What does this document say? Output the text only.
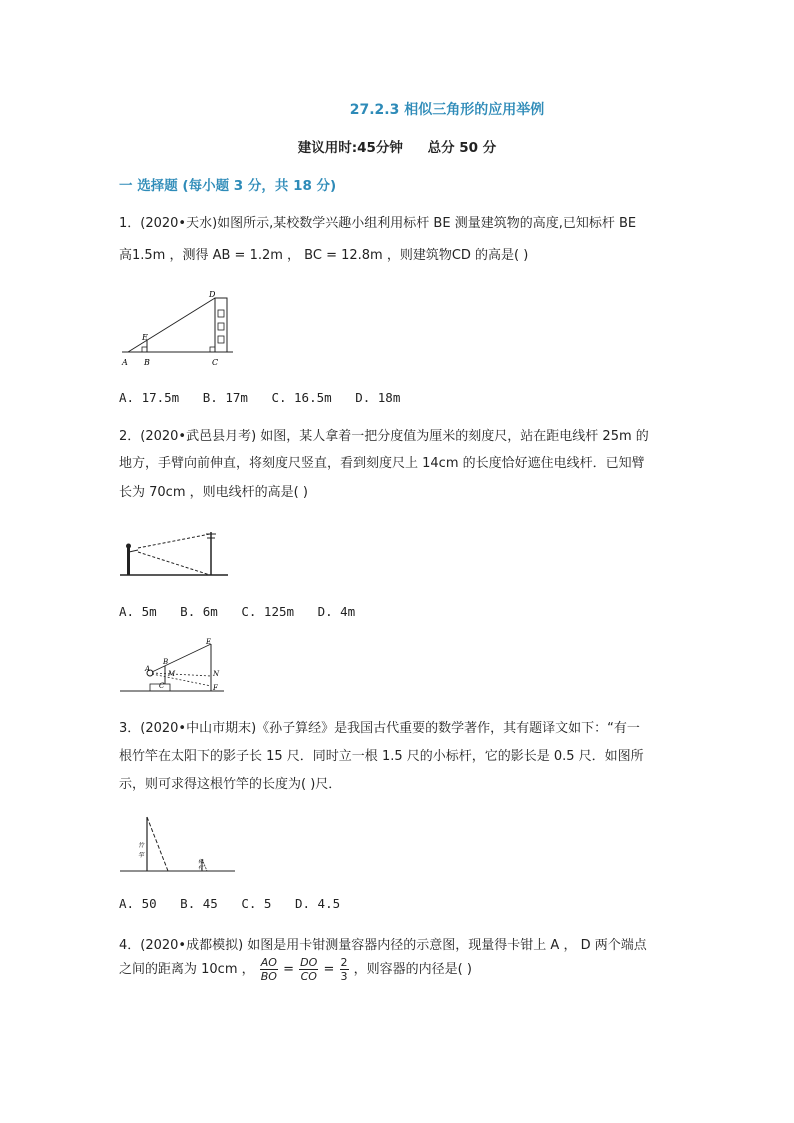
27.2.3 相似三角形的应用举例
建议用时:45分钟 总分 50 分
一 选择题 (每小题 3 分，共 18 分)
1．(2020•天水)如图所示,某校数学兴趣小组利用标杆 BE 测量建筑物的高度,已知标杆 BE
高1.5m ，测得 AB = 1.2m ， BC = 12.8m ，则建筑物CD 的高是( )
A B	C
D
E
A. 17.5m B. 17m C. 16.5m D. 18m
2．(2020•武邑县月考) 如图，某人拿着一把分度值为厘米的刻度尺，站在距电线杆 25m 的
地方，手臂向前伸直，将刻度尺竖直，看到刻度尺上 14cm 的长度恰好遮住电线杆．已知臂
长为 70cm ，则电线杆的高是( )
A. 5m B. 6m C. 125m D. 4m
A
B
M
C
E
N
F
3．(2020•中山市期末)《孙子算经》是我国古代重要的数学著作，其有题译文如下：“有一
根竹竿在太阳下的影子长 15 尺．同时立一根 1.5 尺的小标杆，它的影长是 0.5 尺．如图所
示，则可求得这根竹竿的长度为( )尺．
竹
竿
标
杆
A. 50 B. 45 C. 5 D. 4.5
4．(2020•成都模拟) 如图是用卡钳测量容器内径的示意图，现量得卡钳上 A ， D 两个端点
之间的距离为 10cm ， $\frac{AO}{BO} = \frac{DO}{CO} = \frac{2}{3}$ ，则容器的内径是( )
